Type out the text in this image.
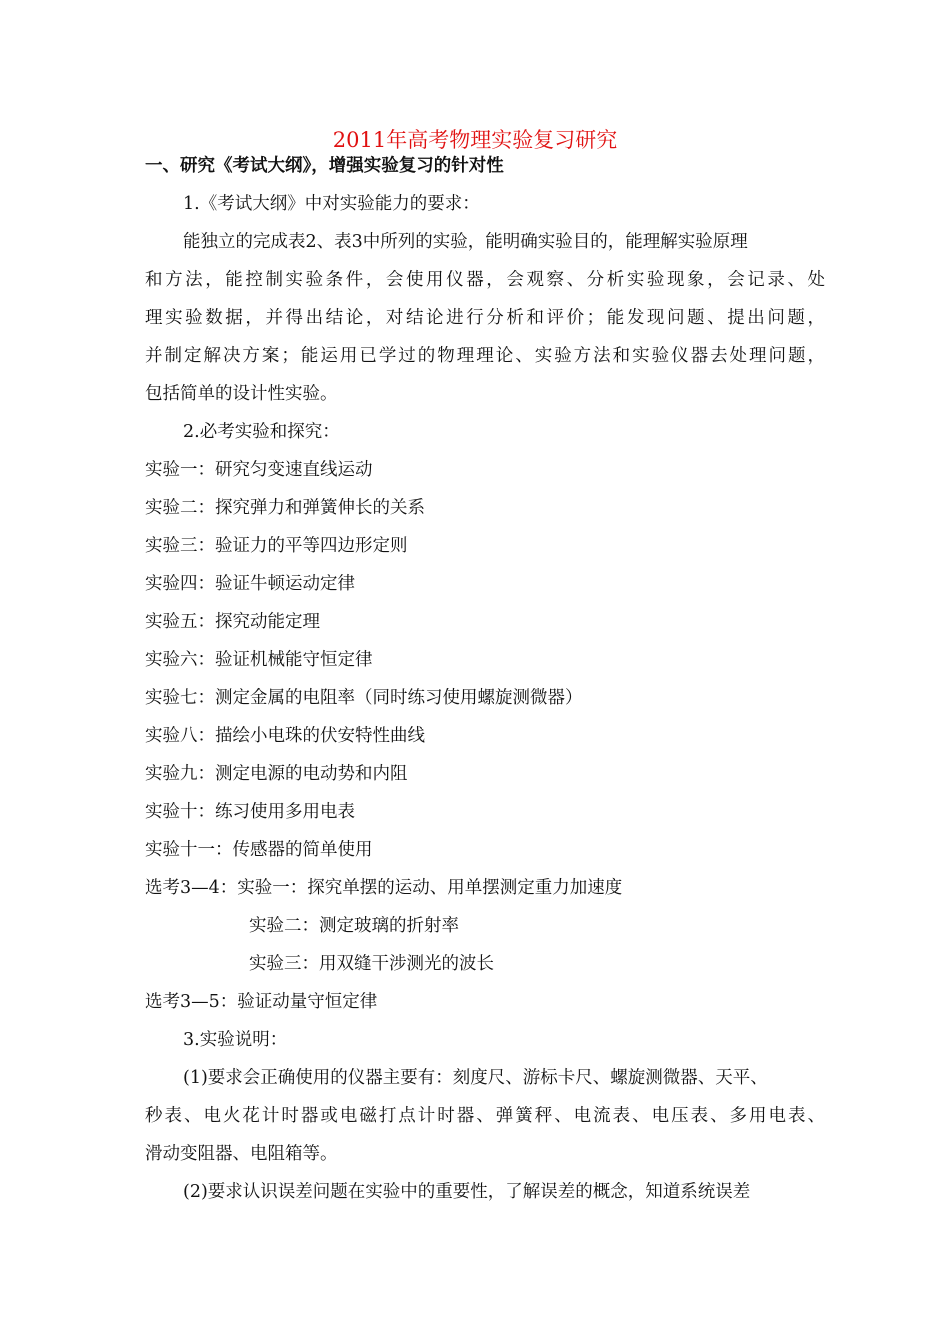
2011年高考物理实验复习研究
一、研究《考试大纲》，增强实验复习的针对性
1.《考试大纲》中对实验能力的要求：
能独立的完成表2、表3中所列的实验，能明确实验目的，能理解实验原理
和方法，能控制实验条件，会使用仪器，会观察、分析实验现象，会记录、处
理实验数据，并得出结论，对结论进行分析和评价；能发现问题、提出问题，
并制定解决方案；能运用已学过的物理理论、实验方法和实验仪器去处理问题，
包括简单的设计性实验。
2.必考实验和探究：
实验一：研究匀变速直线运动
实验二：探究弹力和弹簧伸长的关系
实验三：验证力的平等四边形定则
实验四：验证牛顿运动定律
实验五：探究动能定理
实验六：验证机械能守恒定律
实验七：测定金属的电阻率（同时练习使用螺旋测微器）
实验八：描绘小电珠的伏安特性曲线
实验九：测定电源的电动势和内阻
实验十：练习使用多用电表
实验十一：传感器的简单使用
选考3—4：实验一：探究单摆的运动、用单摆测定重力加速度
实验二：测定玻璃的折射率
实验三：用双缝干涉测光的波长
选考3—5：验证动量守恒定律
3.实验说明：
(1)要求会正确使用的仪器主要有：刻度尺、游标卡尺、螺旋测微器、天平、
秒表、电火花计时器或电磁打点计时器、弹簧秤、电流表、电压表、多用电表、
滑动变阻器、电阻箱等。
(2)要求认识误差问题在实验中的重要性，了解误差的概念，知道系统误差
